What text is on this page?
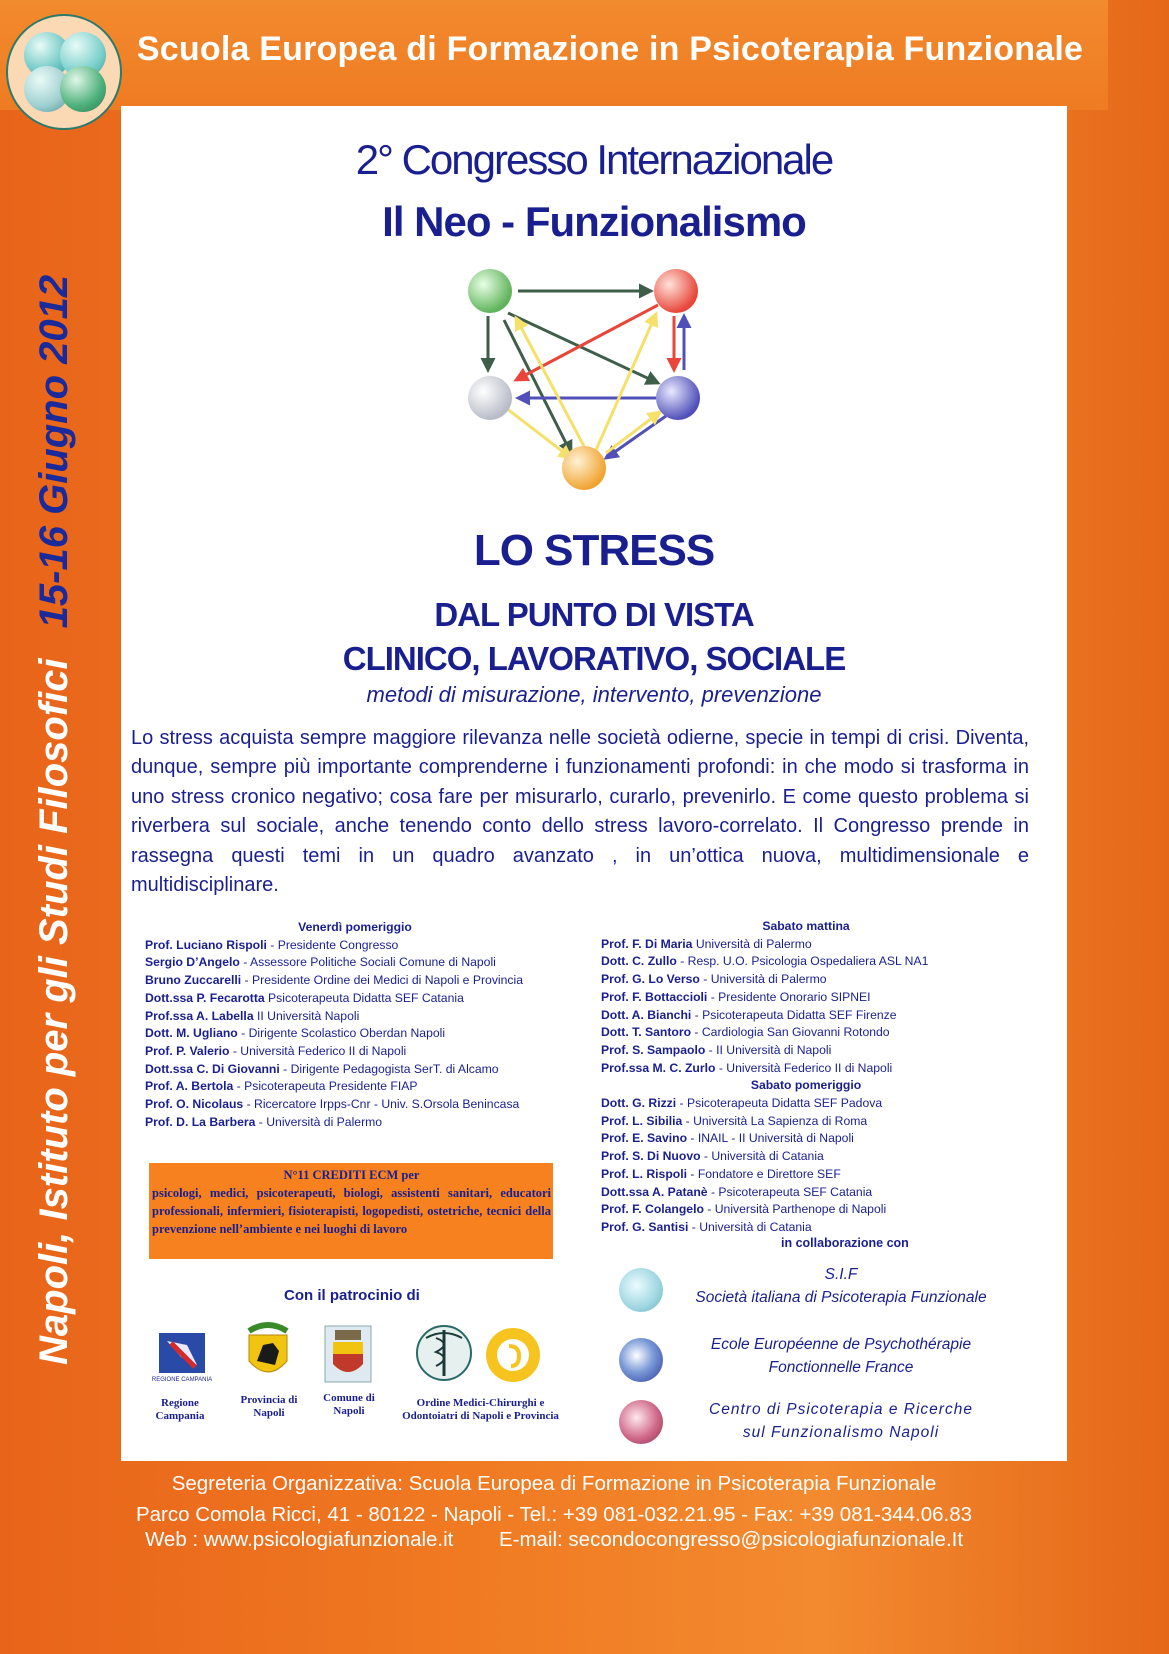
Scuola Europea di Formazione in Psicoterapia Funzionale
Napoli, Istituto per gli Studi Filosofici15-16 Giugno 2012
2° Congresso Internazionale
Il Neo - Funzionalismo
LO STRESS
DAL PUNTO DI VISTA
CLINICO, LAVORATIVO, SOCIALE
metodi di misurazione, intervento, prevenzione
Lo stress acquista sempre maggiore rilevanza nelle società odierne, specie in tempi di crisi. Diventa, dunque, sempre più importante comprenderne i funzionamenti profondi: in che modo si trasforma in uno stress cronico negativo; cosa fare per misurarlo, curarlo, prevenirlo. E come questo problema si riverbera sul sociale, anche tenendo conto dello stress lavoro-correlato. Il Congresso prende in rassegna questi temi in un quadro avanzato , in un’ottica nuova, multidimensionale e multidisciplinare.
Venerdì pomeriggio
Prof. Luciano Rispoli - Presidente Congresso
Sergio D’Angelo - Assessore Politiche Sociali Comune di Napoli
Bruno Zuccarelli - Presidente Ordine dei Medici di Napoli e Provincia
Dott.ssa P. Fecarotta Psicoterapeuta Didatta SEF Catania
Prof.ssa A. Labella II Università Napoli
Dott. M. Ugliano - Dirigente Scolastico Oberdan Napoli
Prof. P. Valerio - Università Federico II di Napoli
Dott.ssa C. Di Giovanni - Dirigente Pedagogista SerT. di Alcamo
Prof. A. Bertola - Psicoterapeuta Presidente FIAP
Prof. O. Nicolaus - Ricercatore Irpps-Cnr - Univ. S.Orsola Benincasa
Prof. D. La Barbera - Università di Palermo
Sabato mattina
Prof. F. Di Maria Università di Palermo
Dott. C. Zullo - Resp. U.O. Psicologia Ospedaliera ASL NA1
Prof. G. Lo Verso - Università di Palermo
Prof. F. Bottaccioli - Presidente Onorario SIPNEI
Dott. A. Bianchi - Psicoterapeuta Didatta SEF Firenze
Dott. T. Santoro - Cardiologia San Giovanni Rotondo
Prof. S. Sampaolo - II Università di Napoli
Prof.ssa M. C. Zurlo - Università Federico II di Napoli
Sabato pomeriggio
Dott. G. Rizzi - Psicoterapeuta Didatta SEF Padova
Prof. L. Sibilia - Università La Sapienza di Roma
Prof. E. Savino - INAIL - II Università di Napoli
Prof. S. Di Nuovo - Università di Catania
Prof. L. Rispoli - Fondatore e Direttore SEF
Dott.ssa A. Patanè - Psicoterapeuta SEF Catania
Prof. F. Colangelo - Università Parthenope di Napoli
Prof. G. Santisi - Università di Catania
N°11 CREDITI ECM per
psicologi, medici, psicoterapeuti, biologi, assistenti sanitari, educatori professionali, infermieri, fisioterapisti, logopedisti, ostetriche, tecnici della prevenzione nell’ambiente e nei luoghi di lavoro
Con il patrocinio di
REGIONE CAMPANIA
Regione Campania
Provincia di Napoli
Comune di Napoli
Ordine Medici-Chirurghi e Odontoiatri di Napoli e Provincia
in collaborazione con
S.I.F
Società italiana di Psicoterapia Funzionale
Ecole Européenne de Psychothérapie
Fonctionnelle France
Centro di Psicoterapia e Ricerche
sul Funzionalismo Napoli
Segreteria Organizzativa: Scuola Europea di Formazione in Psicoterapia Funzionale
Parco Comola Ricci, 41 - 80122 - Napoli - Tel.: +39 081-032.21.95 - Fax: +39 081-344.06.83
Web : www.psicologiafunzionale.it        E-mail: secondocongresso@psicologiafunzionale.It
